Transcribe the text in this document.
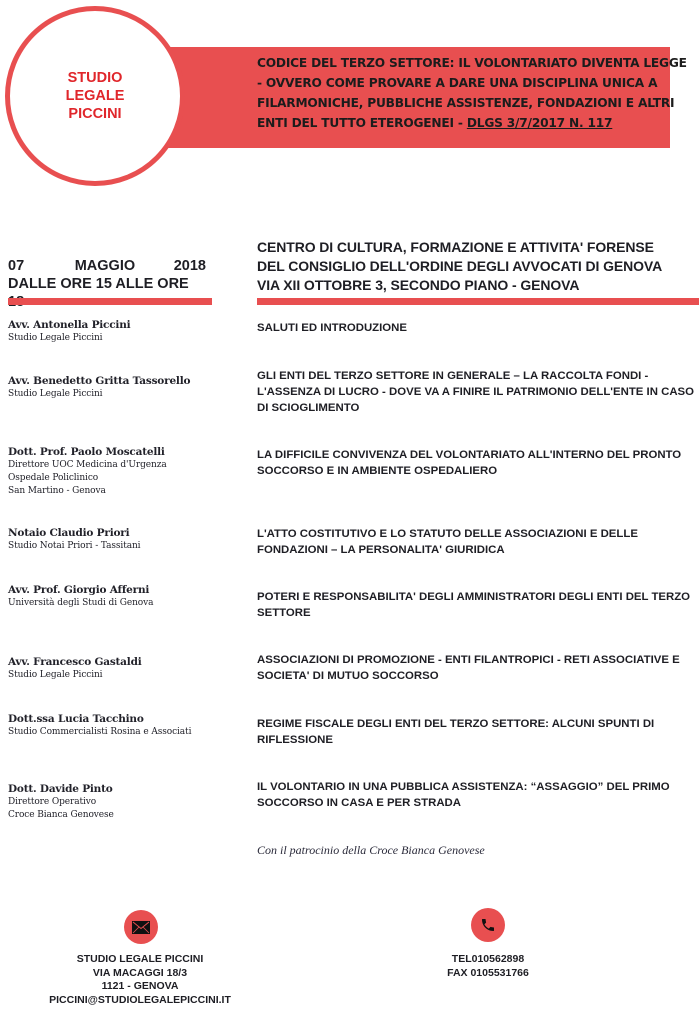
CODICE DEL TERZO SETTORE: IL VOLONTARIATO DIVENTA LEGGE - OVVERO COME PROVARE A DARE UNA DISCIPLINA UNICA A FILARMONICHE, PUBBLICHE ASSISTENZE, FONDAZIONI E ALTRI ENTI DEL TUTTO ETEROGENEI - DLGS 3/7/2017 N. 117
STUDIO
LEGALE
PICCINI
07	MAGGIO	2018
DALLE ORE 15 ALLE ORE
CENTRO DI CULTURA, FORMAZIONE E ATTIVITA' FORENSE
DEL CONSIGLIO DELL'ORDINE DEGLI AVVOCATI DI GENOVA
VIA XII OTTOBRE 3, SECONDO PIANO - GENOVA
Avv. Antonella Piccini
Studio Legale Piccini
SALUTI ED INTRODUZIONE
Avv. Benedetto Gritta Tassorello
Studio Legale Piccini
GLI ENTI DEL TERZO SETTORE IN GENERALE – LA RACCOLTA FONDI - L'ASSENZA DI LUCRO - DOVE VA A FINIRE IL PATRIMONIO DELL'ENTE IN CASO DI SCIOGLIMENTO
Dott. Prof. Paolo Moscatelli
Direttore UOC Medicina d'Urgenza
Ospedale Policlinico
San Martino - Genova
LA DIFFICILE CONVIVENZA DEL VOLONTARIATO ALL'INTERNO DEL PRONTO SOCCORSO E IN AMBIENTE OSPEDALIERO
Notaio Claudio Priori
Studio Notai Priori - Tassitani
L'ATTO COSTITUTIVO E LO STATUTO DELLE ASSOCIAZIONI E DELLE FONDAZIONI – LA PERSONALITA' GIURIDICA
Avv. Prof. Giorgio Afferni
Università degli Studi di Genova	POTERI E RESPONSABILITA' DEGLI AMMINISTRATORI DEGLI ENTI DEL TERZO SETTORE
Avv. Francesco Gastaldi
Studio Legale Piccini
ASSOCIAZIONI DI PROMOZIONE - ENTI FILANTROPICI - RETI ASSOCIATIVE E SOCIETA' DI MUTUO SOCCORSO
Dott.ssa Lucia Tacchino
Studio Commercialisti Rosina e Associati
REGIME FISCALE DEGLI ENTI DEL TERZO SETTORE: ALCUNI SPUNTI DI RIFLESSIONE
Dott. Davide Pinto
Direttore Operativo
Croce Bianca Genovese
IL VOLONTARIO IN UNA PUBBLICA ASSISTENZA: “ASSAGGIO” DEL PRIMO SOCCORSO IN CASA E PER STRADA
Con il patrocinio della Croce Bianca Genovese
STUDIO LEGALE PICCINI
VIA MACAGGI 18/3
1121 - GENOVA
PICCINI@STUDIOLEGALEPICCINI.IT
TEL010562898
FAX 0105531766
